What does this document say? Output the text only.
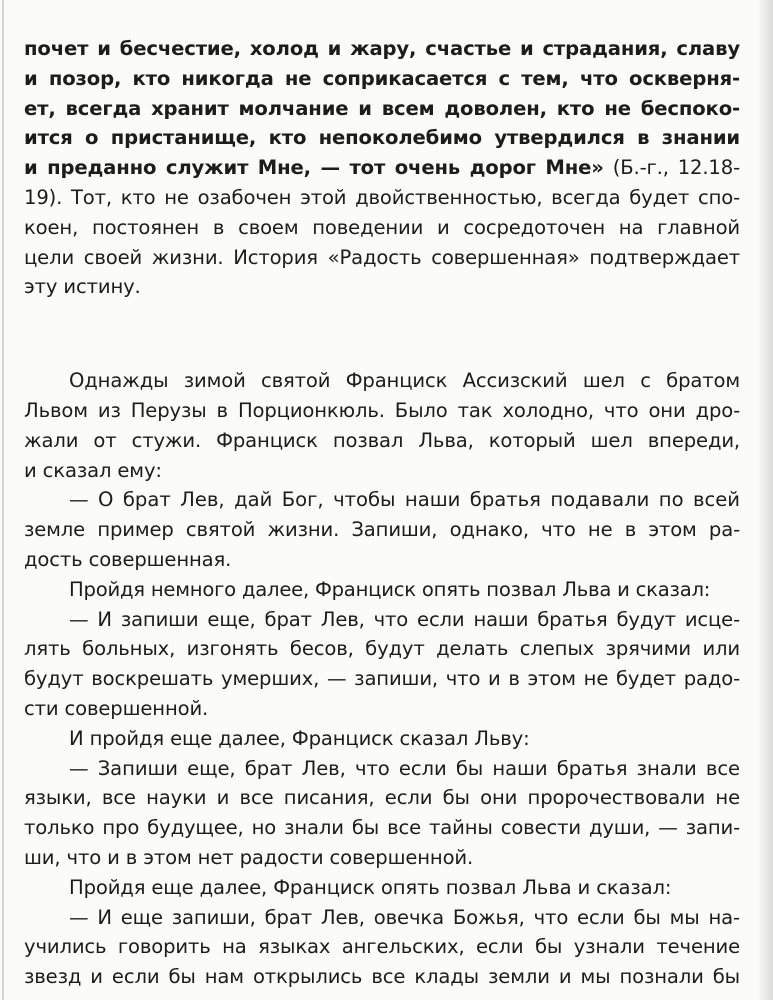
почет и бесчестие, холод и жару, счастье и страдания, славу
и позор, кто никогда не соприкасается с тем, что оскверня-
ет, всегда хранит молчание и всем доволен, кто не беспоко-
ится о пристанище, кто непоколебимо утвердился в знании
и преданно служит Мне, — тот очень дорог Мне» (Б.-г., 12.18-
19). Тот, кто не озабочен этой двойственностью, всегда будет спо-
коен, постоянен в своем поведении и сосредоточен на главной
цели своей жизни. История «Радость совершенная» подтверждает
эту истину.
Однажды зимой святой Франциск Ассизский шел с братом
Львом из Перузы в Порционкюль. Было так холодно, что они дро-
жали от стужи. Франциск позвал Льва, который шел впереди,
и сказал ему:
— О брат Лев, дай Бог, чтобы наши братья подавали по всей
земле пример святой жизни. Запиши, однако, что не в этом ра-
дость совершенная.
Пройдя немного далее, Франциск опять позвал Льва и сказал:
— И запиши еще, брат Лев, что если наши братья будут исце-
лять больных, изгонять бесов, будут делать слепых зрячими или
будут воскрешать умерших, — запиши, что и в этом не будет радо-
сти совершенной.
И пройдя еще далее, Франциск сказал Льву:
— Запиши еще, брат Лев, что если бы наши братья знали все
языки, все науки и все писания, если бы они пророчествовали не
только про будущее, но знали бы все тайны совести души, — запи-
ши, что и в этом нет радости совершенной.
Пройдя еще далее, Франциск опять позвал Льва и сказал:
— И еще запиши, брат Лев, овечка Божья, что если бы мы на-
учились говорить на языках ангельских, если бы узнали течение
звезд и если бы нам открылись все клады земли и мы познали бы
